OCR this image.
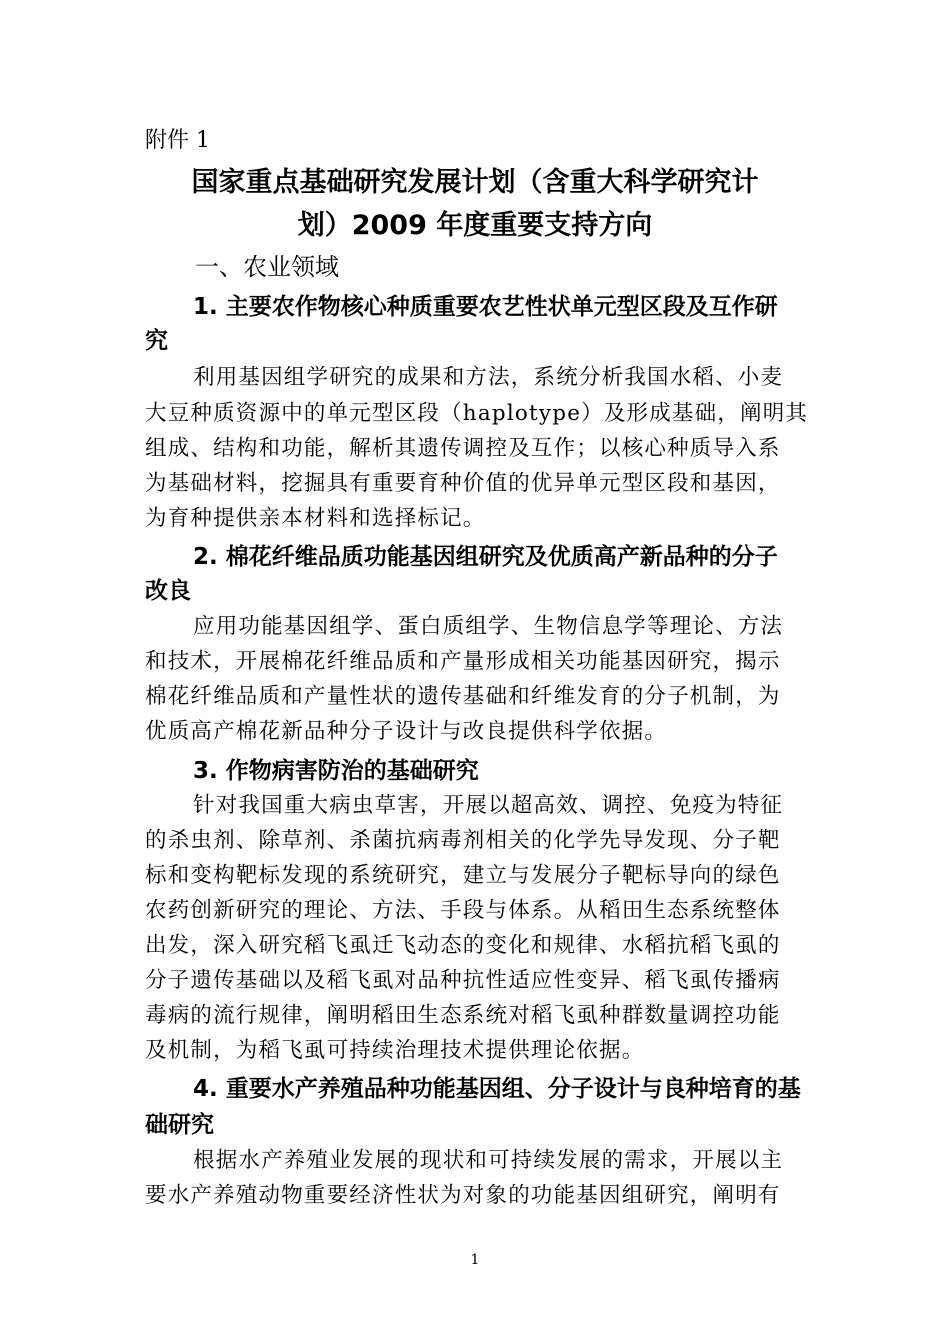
附件 1
国家重点基础研究发展计划（含重大科学研究计
划）2009 年度重要支持方向
一、农业领域
1. 主要农作物核心种质重要农艺性状单元型区段及互作研
究
利用基因组学研究的成果和方法，系统分析我国水稻、小麦
大豆种质资源中的单元型区段（haplotype）及形成基础，阐明其
组成、结构和功能，解析其遗传调控及互作；以核心种质导入系
为基础材料，挖掘具有重要育种价值的优异单元型区段和基因，
为育种提供亲本材料和选择标记。
2. 棉花纤维品质功能基因组研究及优质高产新品种的分子
改良
应用功能基因组学、蛋白质组学、生物信息学等理论、方法
和技术，开展棉花纤维品质和产量形成相关功能基因研究，揭示
棉花纤维品质和产量性状的遗传基础和纤维发育的分子机制，为
优质高产棉花新品种分子设计与改良提供科学依据。
3. 作物病害防治的基础研究
针对我国重大病虫草害，开展以超高效、调控、免疫为特征
的杀虫剂、除草剂、杀菌抗病毒剂相关的化学先导发现、分子靶
标和变构靶标发现的系统研究，建立与发展分子靶标导向的绿色
农药创新研究的理论、方法、手段与体系。从稻田生态系统整体
出发，深入研究稻飞虱迁飞动态的变化和规律、水稻抗稻飞虱的
分子遗传基础以及稻飞虱对品种抗性适应性变异、稻飞虱传播病
毒病的流行规律，阐明稻田生态系统对稻飞虱种群数量调控功能
及机制，为稻飞虱可持续治理技术提供理论依据。
4. 重要水产养殖品种功能基因组、分子设计与良种培育的基
础研究
根据水产养殖业发展的现状和可持续发展的需求，开展以主
要水产养殖动物重要经济性状为对象的功能基因组研究，阐明有
1
